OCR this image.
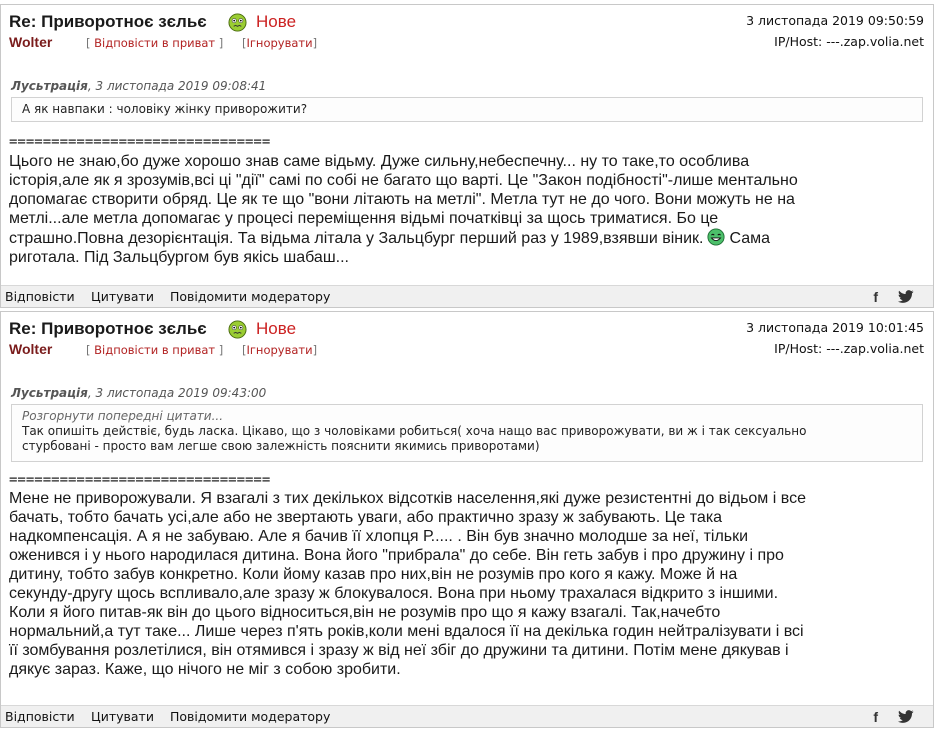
Re: Приворотноє зєльє	Нове
Wolter	[ Відповісти в приват ] [Ігнорувати]
3 листопада 2019 09:50:59
IP/Host: ---.zap.volia.net
Лусьтрація, 3 листопада 2019 09:08:41
А як навпаки : чоловіку жінку приворожити?
===============================
Цього не знаю,бо дуже хорошо знав саме відьму. Дуже сильну,небеспечну... ну то таке,то особлива
історія,але як я зрозумів,всі ці "дії" самі по собі не багато що варті. Це "Закон подібності"-лише ментально
допомагає створити обряд. Це як те що "вони літають на метлі". Метла тут не до чого. Вони можуть не на
метлі...але метла допомагає у процесі переміщення відьмі початківці за щось триматися. Бо це
страшно.Повна дезорієнтація. Та відьма літала у Зальцбург перший раз у 1989,взявши віник. Сама
риготала. Під Зальцбургом був якісь шабаш...
Відповісти Цитувати Повідомити модератору	f
Re: Приворотноє зєльє	Нове
Wolter	[ Відповісти в приват ] [Ігнорувати]
3 листопада 2019 10:01:45
IP/Host: ---.zap.volia.net
Лусьтрація, 3 листопада 2019 09:43:00
Розгорнути попередні цитати...
Так опишіть действіє, будь ласка. Цікаво, що з чоловіками робиться( хоча нащо вас приворожувати, ви ж і так сексуально
стурбовані - просто вам легше свою залежність пояснити якимись приворотами)
===============================
Мене не приворожували. Я взагалі з тих декількох відсотків населення,які дуже резистентні до відьом і все
бачать, тобто бачать усі,але або не звертають уваги, або практично зразу ж забувають. Це така
надкомпенсація. А я не забуваю. Але я бачив її хлопця Р..... . Він був значно молодше за неї, тільки
оженився і у нього народилася дитина. Вона його "прибрала" до себе. Він геть забув і про дружину і про
дитину, тобто забув конкретно. Коли йому казав про них,він не розумів про кого я кажу. Може й на
секунду-другу щось вспливало,але зразу ж блокувалося. Вона при ньому трахалася відкрито з іншими.
Коли я його питав-як він до цього відноситься,він не розумів про що я кажу взагалі. Так,начебто
нормальний,а тут таке... Лише через п'ять років,коли мені вдалося її на декілька годин нейтралізувати і всі
її зомбування розлетілися, він отямився і зразу ж від неї збіг до дружини та дитини. Потім мене дякував і
дякує зараз. Каже, що нічого не міг з собою зробити.
Відповісти Цитувати Повідомити модератору	f
